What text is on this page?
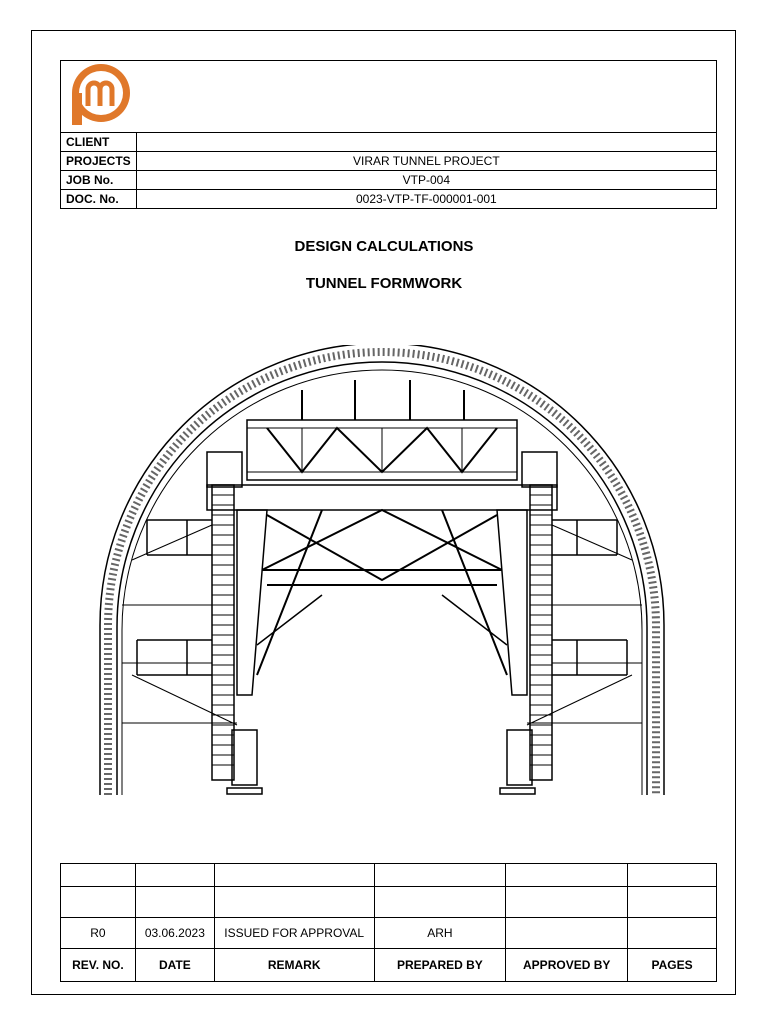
CLIENT	
PROJECTS	VIRAR TUNNEL PROJECT
JOB No.	VTP-004
DOC. No.	0023-VTP-TF-000001-001
DESIGN CALCULATIONS
TUNNEL FORMWORK

R0	03.06.2023	ISSUED FOR APPROVAL	ARH		
REV. NO.	DATE	REMARK	PREPARED BY	APPROVED BY	PAGES
